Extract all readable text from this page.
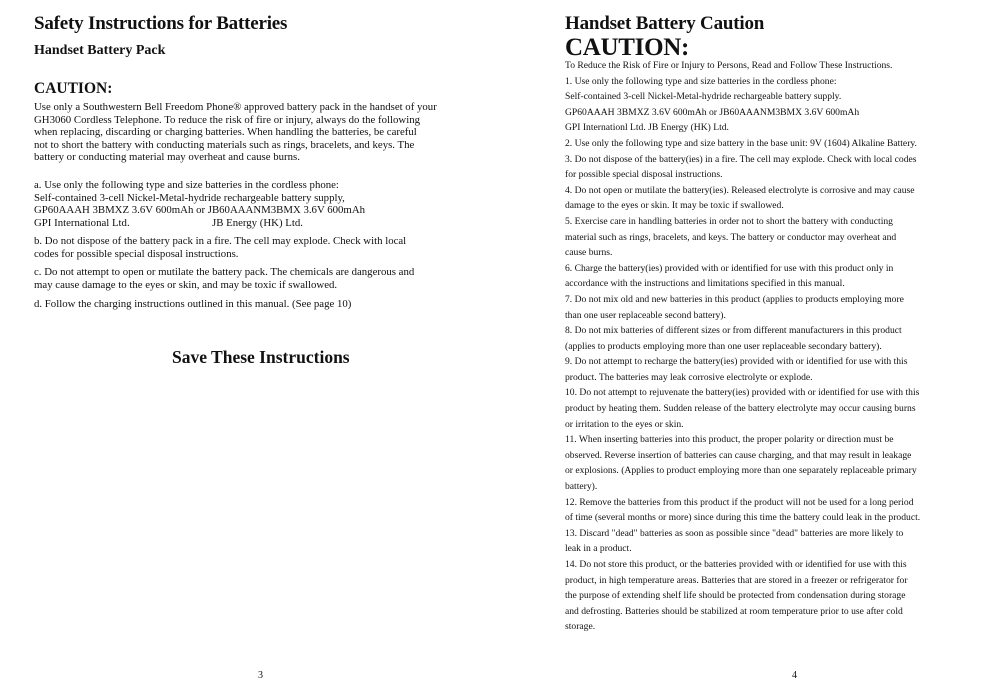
Safety Instructions for Batteries
Handset Battery Pack
CAUTION:
Use only a Southwestern Bell Freedom Phone® approved battery pack in the handset of your
GH3060 Cordless Telephone. To reduce the risk of fire or injury, always do the following
when replacing, discarding or charging batteries. When handling the batteries, be careful
not to short the battery with conducting materials such as rings, bracelets, and keys. The
battery or conducting material may overheat and cause burns.
a. Use only the following type and size batteries in the cordless phone:
Self-contained 3-cell Nickel-Metal-hydride rechargeable battery supply,
GP60AAAH 3BMXZ 3.6V 600mAh or JB60AAANM3BMX 3.6V 600mAh
GPI International Ltd.	JB Energy (HK) Ltd.
b. Do not dispose of the battery pack in a fire. The cell may explode. Check with local
codes for possible special disposal instructions.
c. Do not attempt to open or mutilate the battery pack. The chemicals are dangerous and
may cause damage to the eyes or skin, and may be toxic if swallowed.
d. Follow the charging instructions outlined in this manual. (See page 10)
Save These Instructions
3
Handset Battery Caution
CAUTION:
To Reduce the Risk of Fire or Injury to Persons, Read and Follow These Instructions.
1. Use only the following type and size batteries in the cordless phone:
Self-contained 3-cell Nickel-Metal-hydride rechargeable battery supply.
GP60AAAH 3BMXZ 3.6V 600mAh or JB60AAANM3BMX 3.6V 600mAh
GPI Internationl Ltd. JB Energy (HK) Ltd.
2. Use only the following type and size battery in the base unit: 9V (1604) Alkaline Battery.
3. Do not dispose of the battery(ies) in a fire. The cell may explode. Check with local codes
for possible special disposal instructions.
4. Do not open or mutilate the battery(ies). Released electrolyte is corrosive and may cause
damage to the eyes or skin. It may be toxic if swallowed.
5. Exercise care in handling batteries in order not to short the battery with conducting
material such as rings, bracelets, and keys. The battery or conductor may overheat and
cause burns.
6. Charge the battery(ies) provided with or identified for use with this product only in
accordance with the instructions and limitations specified in this manual.
7. Do not mix old and new batteries in this product (applies to products employing more
than one user replaceable second battery).
8. Do not mix batteries of different sizes or from different manufacturers in this product
(applies to products employing more than one user replaceable secondary battery).
9. Do not attempt to recharge the battery(ies) provided with or identified for use with this
product. The batteries may leak corrosive electrolyte or explode.
10. Do not attempt to rejuvenate the battery(ies) provided with or identified for use with this
product by heating them. Sudden release of the battery electrolyte may occur causing burns
or irritation to the eyes or skin.
11. When inserting batteries into this product, the proper polarity or direction must be
observed. Reverse insertion of batteries can cause charging, and that may result in leakage
or explosions. (Applies to product employing more than one separately replaceable primary
battery).
12. Remove the batteries from this product if the product will not be used for a long period
of time (several months or more) since during this time the battery could leak in the product.
13. Discard "dead" batteries as soon as possible since "dead" batteries are more likely to
leak in a product.
14. Do not store this product, or the batteries provided with or identified for use with this
product, in high temperature areas. Batteries that are stored in a freezer or refrigerator for
the purpose of extending shelf life should be protected from condensation during storage
and defrosting. Batteries should be stabilized at room temperature prior to use after cold
storage.
4
